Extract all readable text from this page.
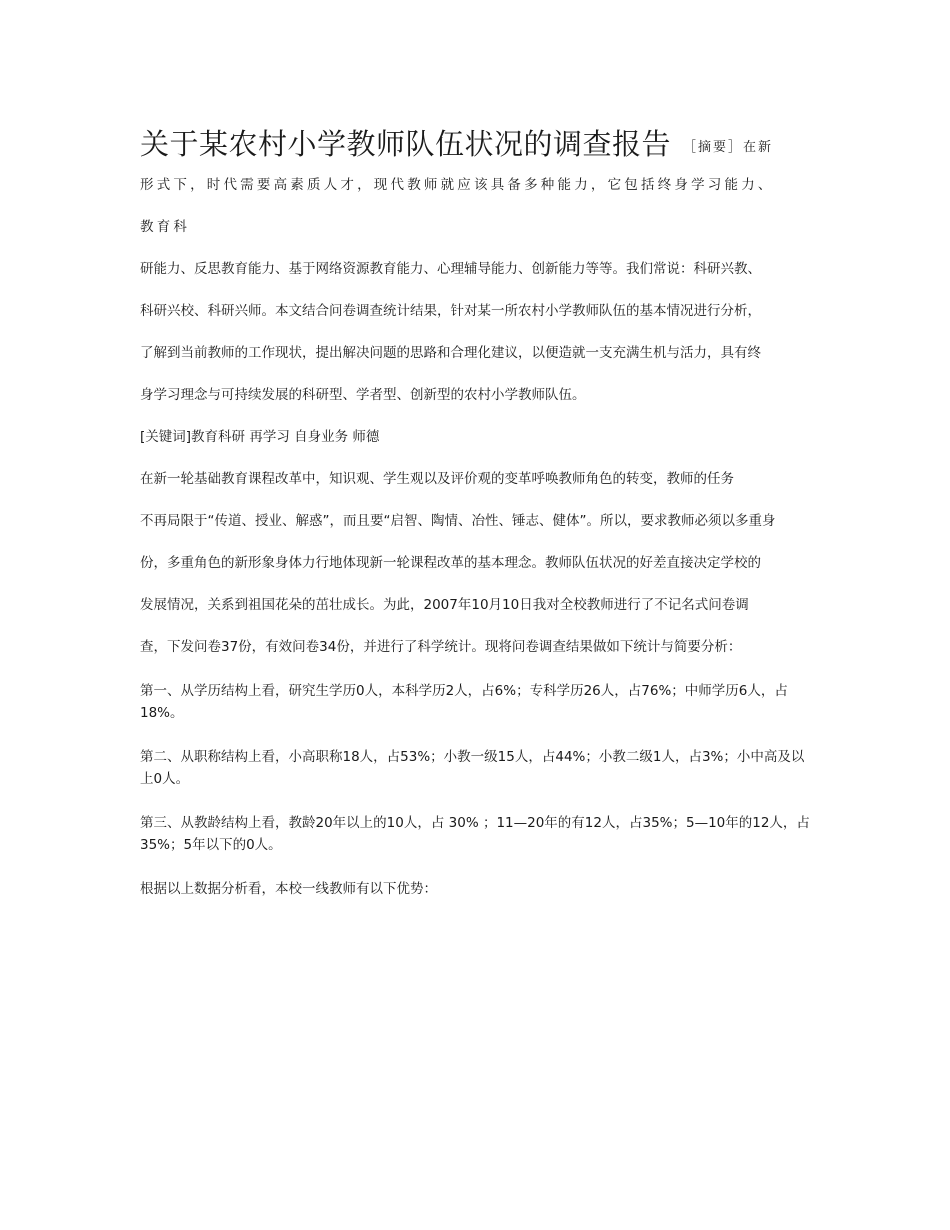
关于某农村小学教师队伍状况的调查报告 ［摘要］在新

形式下，时代需要高素质人才，现代教师就应该具备多种能力，它包括终身学习能力、

教育科

研能力、反思教育能力、基于网络资源教育能力、心理辅导能力、创新能力等等。我们常说：科研兴教、

科研兴校、科研兴师。本文结合问卷调查统计结果，针对某一所农村小学教师队伍的基本情况进行分析，

了解到当前教师的工作现状，提出解决问题的思路和合理化建议，以便造就一支充满生机与活力，具有终

身学习理念与可持续发展的科研型、学者型、创新型的农村小学教师队伍。

[关键词]教育科研 再学习 自身业务 师德

在新一轮基础教育课程改革中，知识观、学生观以及评价观的变革呼唤教师角色的转变，教师的任务

不再局限于“传道、授业、解惑”，而且要“启智、陶情、冶性、锤志、健体”。所以，要求教师必须以多重身

份，多重角色的新形象身体力行地体现新一轮课程改革的基本理念。教师队伍状况的好差直接决定学校的

发展情况，关系到祖国花朵的茁壮成长。为此，2007年10月10日我对全校教师进行了不记名式问卷调

查，下发问卷37份，有效问卷34份，并进行了科学统计。现将问卷调查结果做如下统计与简要分析：

第一、从学历结构上看，研究生学历0人，本科学历2人，占6%；专科学历26人，占76%；中师学历6人，占18%。

第二、从职称结构上看，小高职称18人，占53%；小教一级15人，占44%；小教二级1人，占3%；小中高及以上0人。

第三、从教龄结构上看，教龄20年以上的10人，占 30% ；11—20年的有12人，占35%；5—10年的12人，占35%；5年以下的0人。

根据以上数据分析看，本校一线教师有以下优势：
